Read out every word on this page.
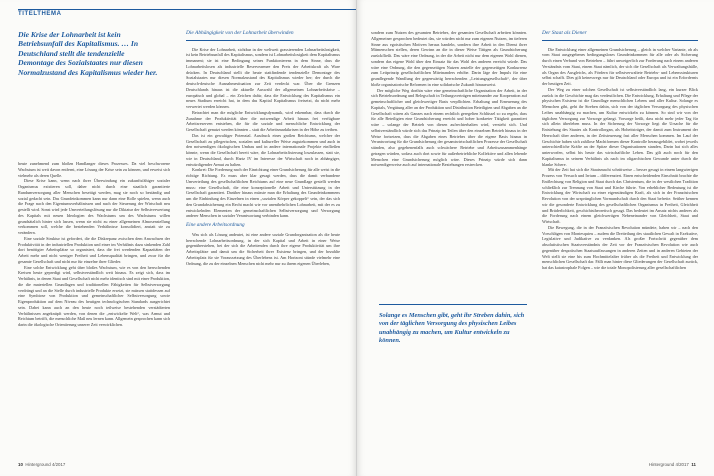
TITELTHEMA
Die Krise der Lohnarbeit ist kein Betriebsunfall des Kapitalismus. … In Deutschland stellt die tendenzielle Demontage des Sozialstaates nur diesen Normalzustand des Kapitalismus wieder her.

beute zunehmend zum bloßen Handlanger dieses Prozesses. Da viel beschworene Wachstum ist weit davon entfernt, eine Lösung der Krise sein zu können, und erweist sich vielmehr als deren Quelle.

Diese Krise kann, wenn nach ihrer Überwindung ein zukunftsfähiger sozialer Organismus existieren soll, daher nicht durch eine staatlich garantierte Rundumversorgung aller Menschen beseitigt werden, mag sie noch so beständig und sozial gedacht sein. Das Grundeinkommen kann nur dann eine Rolle spielen, wenn auch die Frage nach den Eigentumsverhältnissen und nach der Steuerung der Wirtschaft neu gestellt wird. Sonst wird jede Umverteilungslösung nur die Diktatur der Selbstverwertung des Kapitals mit neuen Ideologien des Wachstums um des Wachstums willen grundsätzlich hinter sich lassen, wenn sie nicht zu einer allgemeinen Almosenstellung verkommen soll, welche die bestehenden Verhältnisse konsolidiert, anstatt sie zu verändern.

Eine soziale Struktur ist gefordert, die die Diskrepanz zwischen dem Anwachsen der Produktivität in der industriellen Produktion und einer im Verhältnis dazu sinkenden Zahl dort benötigter Arbeitsplätze so organisiert, dass die frei werdenden Kapazitäten der Arbeit mehr und nicht weniger Freiheit und Lebensqualität bringen, und zwar für die gesamte Gesellschaft und nicht nur für einzelne ihrer Glieder.

Eine solche Entwicklung geht über bloßes Wachstum, wie es von den herrschenden Kreisen heute gepredigt wird, selbstverständlich weit hinaus. Es zeigt sich, dass im Verhältnis, in denen Staat und Gesellschaft nicht mehr identisch sind mit einer Produktion, die die materiellen Grundlagen und traditionellen Fähigkeiten für Selbstversorgung verdrängt und an die Stelle durch industrielle Produkte ersetzt, sie müssen stattdessen auf eine Symbiose von Produktion und gemeinschaftlicher Selbstversorgung sowie Eigenproduktion auf dem Niveau des heutigen technologischen Standards ausgerichtet sein. Dabei kann auch an den heute noch teilweise bestehenden verstädterten Verhältnissen angeknüpft werden, von denen die „entwickelte Welt“, was Armut und Reichtum betrifft, die menschliche Maß neu lernen kann. Allgemein gesprochen kann sich darin die ökologische Orientierung unserer Zeit verwirklichen.

Die Abhängigkeit von der Lohnarbeit überwinden

Die Krise der Lohnarbeit, sichtbar in der weltweit grassierenden Lohnarbeitslosigkeit, ist kein Betriebsunfall des Kapitalismus, sondern ist Lohnarbeitslosigkeit dem Kapitalismus immanent; sie ist eine Bedingung seines Funktionierens in dem Sinne, dass die Lohnarbeitslosen als industrielle Reservearmee den Preis der Arbeitskraft als Ware drücken. In Deutschland stellt die heute stattfindende tendenzielle Demontage des Sozialstaates nur diesen Normalzustand des Kapitalismus wieder her; der durch die deutsch-deutsche Ausnahmesituation zur Zeit verdeckt war. Über die Grenzen Deutschlands hinaus ist die aktuelle Auswahl der allgemeinen Lohnarbeitskrise – europäisch und global – ein Zeichen dafür, dass die Entwicklung des Kapitalismus ein neues Stadium erreicht hat, in dem das Kapital Kapitalismus freisetzt, da nicht mehr verwertet werden können.

Betrachtet man die mögliche Entwicklungsdynamik, wird erkennbar, dass durch die Zunahme der Produktivität über die notwendige Arbeit hinaus frei verfügbare Arbeitsreserven entstehen, die für die soziale und menschliche Entwicklung der Gesellschaft genutzt werden könnten – statt die Arbeitsmarktkrisen in der Höhe zu treiben.

Das ist ein gewaltiger Potenzial. Ausdruck eines großen Reichtums, welcher der Gesellschaft zu pflegerischen, sozialen und kultureller Weise zugutekommen und auch in den notwendigen ökologischen Umbau und in andere internationale Projekte einfließen könnte, wenn die Gesellschaft bereit wäre, die Lohnarbeitsfixierung loszulassen, statt sie, wie in Deutschland, durch Hartz IV im Interesse der Wirtschaft noch in abhängiger, entwürdigender Armut zu halten.

Konkret: Die Forderung nach der Einrichtung einer Grundsicherung für alle weist in die richtige Richtung. Es muss aber klar gesagt werden, dass die damit verbundene Umverteilung des gesellschaftlichen Reichtums auf eine neue Grundlage gestellt werden muss: eine Gesellschaft, die eine konzeptionelle Arbeit und Unterstützung in der Gesellschaft garantiert. Darüber hinaus müsste man die Erhaltung des Grundeinkommens um die Einbindung des Einzelnen in einen „sozialen Körper gekoppelt“ sein, der das sich den Grundabsicherung ein Recht macht wie vor unentbehrlichen Lohnarbeit, mit der es zu entwickelnden Elementen der gemeinschaftlichen Selbstversorgung und Versorgung anderer Menschen in sozialer Verantwortung verbinden kann.

Eine andere Arbeitsordnung

Was sich als Lösung andeutet, ist eine andere soziale Grundorganisation als die heute herrschende Lohnarbeitsordnung, in der sich Kapital und Arbeit in einer Weise gegenüberstehen, bei der sich die Arbeitenden durch ihre eigene Produktivität um ihre Arbeitsplätze und damit um die Sicherheit ihrer Existenz bringen, und der bezahlte Arbeitsplatz für sie Voraussetzung des Überlebens ist. Am Horizont stünde vielmehr eine Ordnung, die zu der einzelnen Menschen nicht mehr nur zu ihrem eigenen Überleben,

10 Hinterground 4/2017

sondern zum Nutzen des gesamten Betriebes, der gesamten Gesellschaft arbeiten könnten. Allgemeiner gesprochen bedeutet das, sie würden nicht nur zum eigenen Nutzen, im tieferen Sinne aus egoistischen Motiven heraus handeln, sondern ihre Arbeit in den Dienst ihrer Mitmenschen stellen, deren Gewinn an die in dieser Weise Tätigen als Grundsicherung zurückfließt. Das wäre eine Ordnung, in der die Arbeit nicht nur dem eigenen Wohl dienen, sondern das eigene Wohl über den Einsatz für das Wohl des anderen erreicht würde. Das wäre eine Ordnung, die den gegenseitigen Nutzen anstelle der gegenseitigen Konkurrenz zum Leitprinzip gesellschaftlichen Miteinanders erhöbe. Darin läge der Impuls für eine grundlegende Wandlung der gegenwärtig herrschenden „Leistungsgesellschaft“, der über bloße organisatorische Reformen in eine solidarische Zukunft hinausweist.

Der mögliche Weg dorthin wäre eine gemeinschaftliche Organisation der Arbeit, in der sich Betriebsordnung und Belegschaft in Teilungsverträgen miteinander zur Kooperation auf gemeinschaftlicher und gleichwertiger Basis verpflichten. Erhaltung und Erneuerung des Kapitals, Vergütung aller an der Produktion und Distribution Beteiligten und Abgaben an die Gesellschaft wären als Ganzes nach einem rechtlich geregelten Schlüssel so zu regeln, dass für alle Beteiligten eine Grundsicherung erreicht und hoher konkreter Tätigkeit garantiert wäre – solange der Betrieb von diesen aufrechterhalten wird, versteht sich. Und selbstverständlich würde sich das Prinzip im Teilen über den einzelnen Betrieb hinaus in der Weise fortsetzen, dass die Abgaben eines Betriebes über die eigene Basis hinaus in Verantwortung für die Grundsicherung der gesamtwirtschaftlichen Prozesse der Gesellschaft stünden, also gegebenenfalls auch schwächere Betriebe und Arbeitszusammenhänge getragen würden, sodass auch dort sowie für außerbetriebliche Kollektive und allen lebende Menschen eine Grundsicherung möglich wäre. Dieses Prinzip würde sich dann notwendigerweise auch auf internationale Beziehungen erstrecken.

Solange es Menschen gibt, geht ihr Streben dahin, sich von der täglichen Versorgung des physischen Leibes unabhängig zu machen, um Kultur entwickeln zu können.
Der Staat als Diener

Die Entwicklung einer allgemeinen Grundsicherung – gleich in welcher Variante, ob als vom Staat ausgegebenes bedingungsloses Grundeinkommen für alle oder als Sicherung durch einen Verbund von Betrieben – führt unweigerlich zur Forderung nach einem anderen Verständnis vom Staat, einem Staat nämlich, der sich die Gesellschaft als Verwaltungshülle, als Organ des Ausgleichs, als Fördern für selbstverwaltete Betriebs- und Lebensstrukturen selbst schafft. Dies gilt keineswegs nur für Deutschland oder Europa und ist ein Erfordernis der heutigen Zeit.

Der Weg zu einer solchen Gesellschaft ist selbstverständlich lang, ein kurzer Blick zurück in die Geschichte mag das verdeutlichen. Die Entwicklung, Erhaltung und Pflege der physischen Existenz ist die Grundlage menschlichen Lebens und aller Kultur. Solange es Menschen gibt, geht ihr Streben dahin, sich von der täglichen Versorgung des physischen Leibes unabhängig zu machen, um Kultur entwickeln zu können. So sind wir von der täglichen Versorgung zur Vorsorge gelangt. Vorsorge heißt, dass nicht mehr jeder Tag für sich allein überleben muss. In der Sicherung der Vorsorge liegt die Ursache für die Entstehung des Staates als Kontrollorgan, als Hoheitsträger, der damit zum Instrument der Herrschaft über anderen, in der Zeitsteuerung fast aller Menschen kommen. Im Lauf der Geschichte haben sich zahllose Machtformen dieser Kontrolle herausgebildet, wobei jeweils unterschiedliche Kräfte an der Spitze dieser Organisationen standen, Darin hat sich alles unterworfen, selbst bis heute das wirtschaftliche Leben. Das gilt auch noch für den Kapitalismus in seinem Verhältnis als nach im oligarchischen Gewande unter durch die blanke Schere.

Mit der Zeit hat sich die Staatsmacht schrittweise – besser gesagt in einem langwierigen Prozess von Versuch und Irrtum – differenziert. Einen entscheidenden Einschnitt brachte die Entflechtung von Religion und Staat durch das Christentum, die in der westlichen Tradition schließlich zur Trennung von Staat und Kirche führte. Von erheblicher Bedeutung ist die Entwicklung der Wirtschaft zu einer eigenständigen Kraft, als sich in der Französischen Revolution von der ursprünglichen Vormundschaft durch den Staat befreite. Seither kennen wir die gesonderte Entwicklung des gesellschaftlichen Organismus in Freiheit, Gleichheit und Brüderlichkeit, geschichtstheoretisch gesagt. Das bedeutet im Ansatz nichts anderes als die Forderung nach einem gleichwertigen Nebeneinander von Gleichheit, Staat und Wirtschaft.

Die Bewegung, die in der Französischen Revolution mündete, haben wir – nach den Vorschlägen von Montesquieu – zudem die Dreiteilung des staatlichen Gewalt in Exekutive, Legislative und Judikative zu verdanken. Als großer Fortschritt gegenüber dem absolutistischen Staatsverständnis der Zeit vor der Französischen Revolution wie auch gegenüber despotischen Staatsauffassungen in anderen Zeiten und in anderen Gebieten der Welt stellt sie eine bis zum Hochmittelalter früher als die Freiheit und Entwicklung der menschlichen Gesellschaft dar. Fällt man hinter diese Gliederungen der Gesellschaft zurück, hat das katastrophale Folgen – wie die totale Monopolisierung aller gesellschaftlichen

Hinterground 4/2017 11
